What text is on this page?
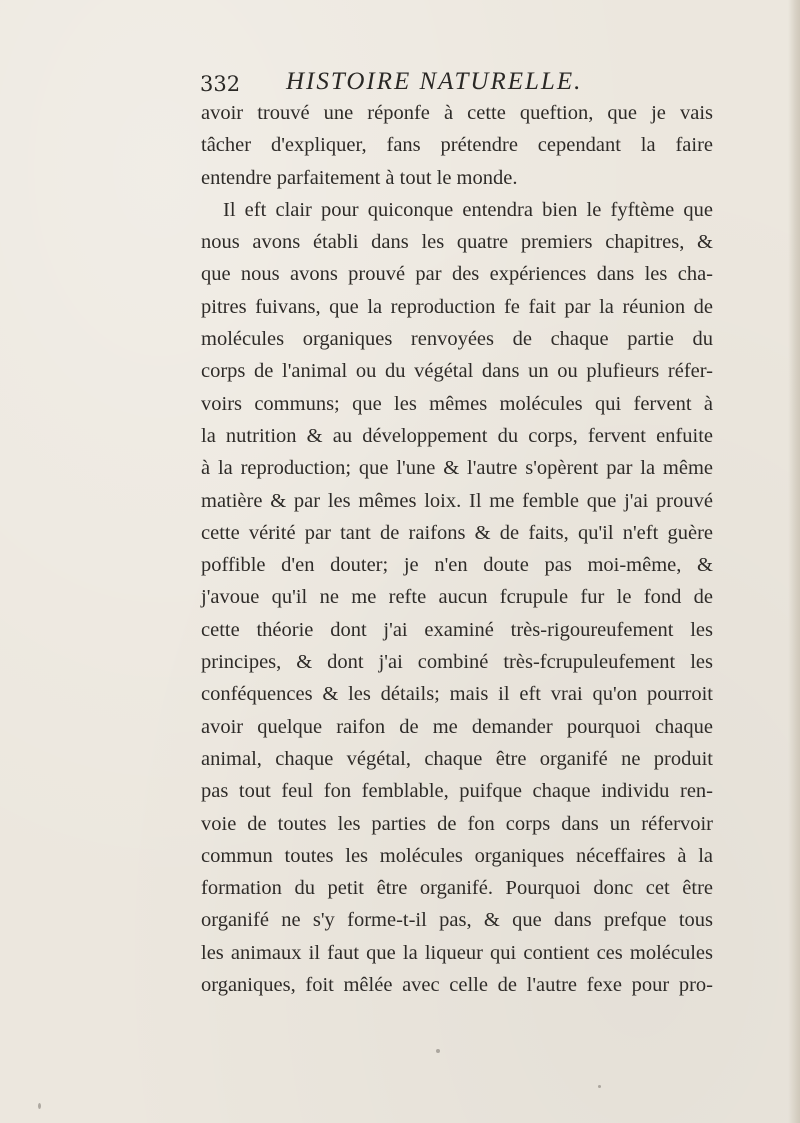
332 HISTOIRE NATURELLE.
avoir trouvé une réponfe à cette queftion, que je vais
tâcher d'expliquer, fans prétendre cependant la faire
entendre parfaitement à tout le monde.
Il eft clair pour quiconque entendra bien le fyftème que
nous avons établi dans les quatre premiers chapitres, &
que nous avons prouvé par des expériences dans les cha-
pitres fuivans, que la reproduction fe fait par la réunion de
molécules organiques renvoyées de chaque partie du
corps de l'animal ou du végétal dans un ou plufieurs réfer-
voirs communs; que les mêmes molécules qui fervent à
la nutrition & au développement du corps, fervent enfuite
à la reproduction; que l'une & l'autre s'opèrent par la même
matière & par les mêmes loix. Il me femble que j'ai prouvé
cette vérité par tant de raifons & de faits, qu'il n'eft guère
poffible d'en douter; je n'en doute pas moi-même, &
j'avoue qu'il ne me refte aucun fcrupule fur le fond de
cette théorie dont j'ai examiné très-rigoureufement les
principes, & dont j'ai combiné très-fcrupuleufement les
conféquences & les détails; mais il eft vrai qu'on pourroit
avoir quelque raifon de me demander pourquoi chaque
animal, chaque végétal, chaque être organifé ne produit
pas tout feul fon femblable, puifque chaque individu ren-
voie de toutes les parties de fon corps dans un réfervoir
commun toutes les molécules organiques néceffaires à la
formation du petit être organifé. Pourquoi donc cet être
organifé ne s'y forme-t-il pas, & que dans prefque tous
les animaux il faut que la liqueur qui contient ces molécules
organiques, foit mêlée avec celle de l'autre fexe pour pro-
